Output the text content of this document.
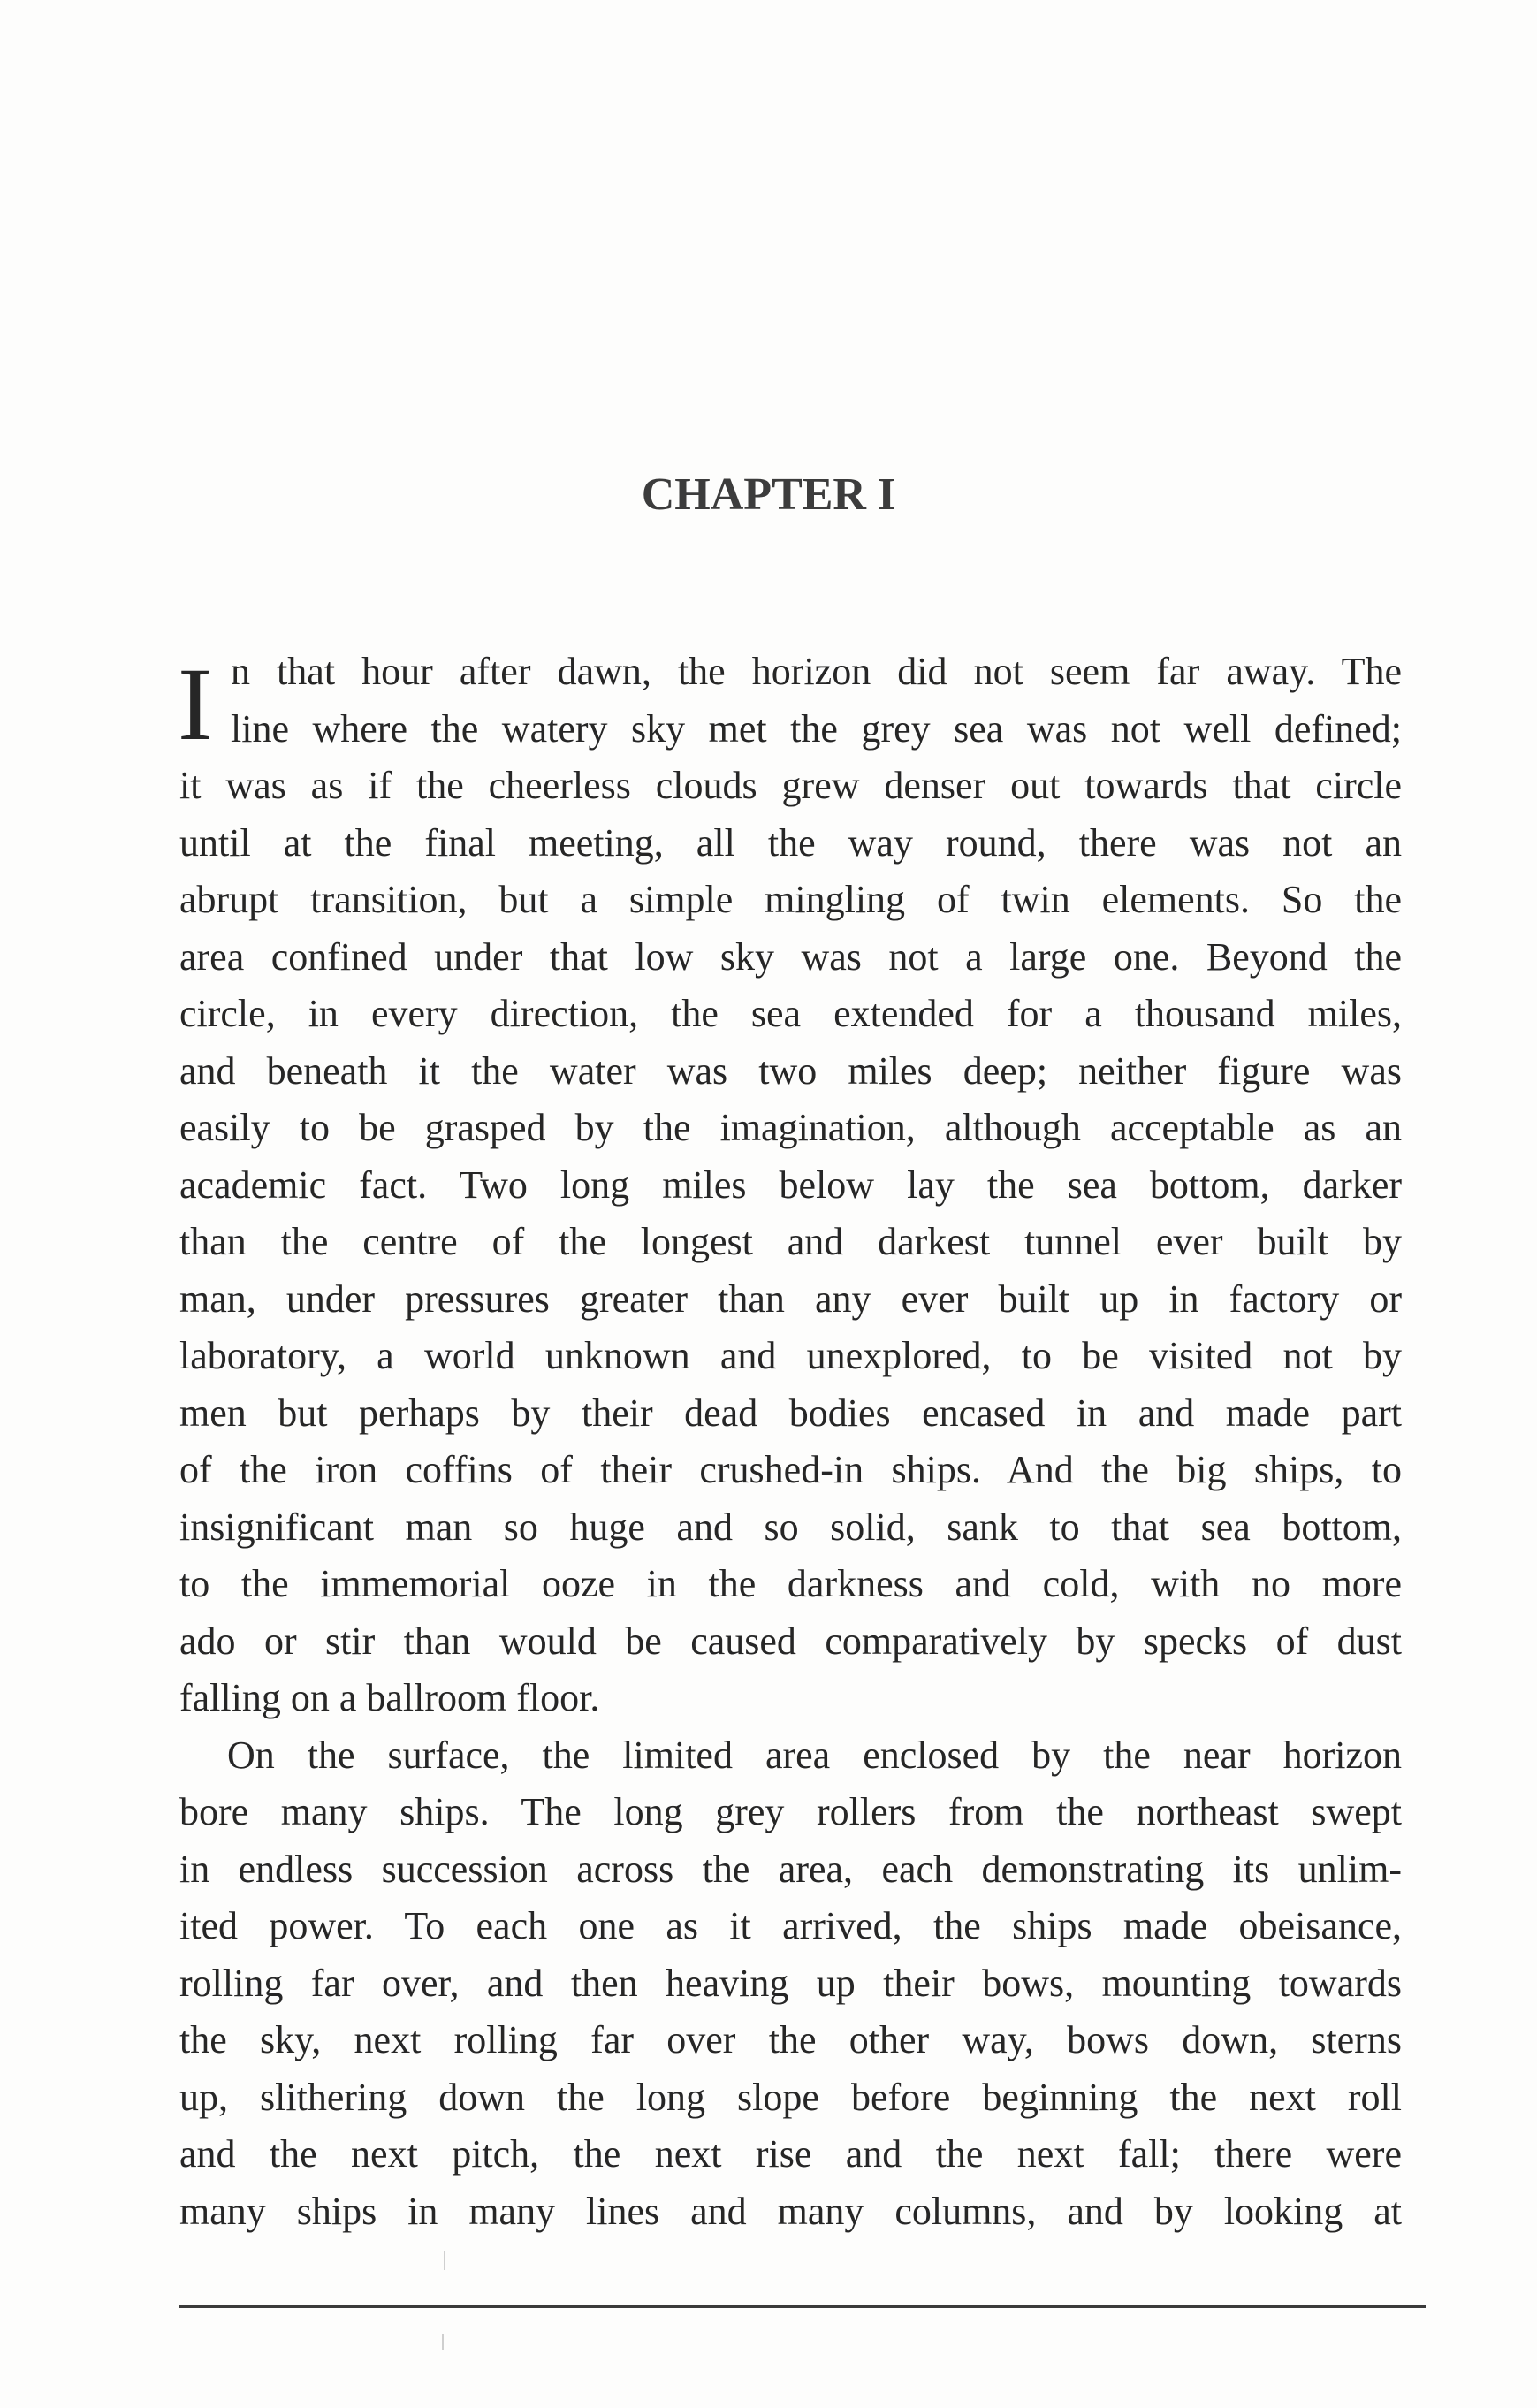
CHAPTER I
I n that hour after dawn, the horizon did not seem far away. The
line where the watery sky met the grey sea was not well defined;
it was as if the cheerless clouds grew denser out towards that circle
until at the final meeting, all the way round, there was not an
abrupt transition, but a simple mingling of twin elements. So the
area confined under that low sky was not a large one. Beyond the
circle, in every direction, the sea extended for a thousand miles,
and beneath it the water was two miles deep; neither figure was
easily to be grasped by the imagination, although acceptable as an
academic fact. Two long miles below lay the sea bottom, darker
than the centre of the longest and darkest tunnel ever built by
man, under pressures greater than any ever built up in factory or
laboratory, a world unknown and unexplored, to be visited not by
men but perhaps by their dead bodies encased in and made part
of the iron coffins of their crushed-in ships. And the big ships, to
insignificant man so huge and so solid, sank to that sea bottom,
to the immemorial ooze in the darkness and cold, with no more
ado or stir than would be caused comparatively by specks of dust
falling on a ballroom floor.
On the surface, the limited area enclosed by the near horizon
bore many ships. The long grey rollers from the northeast swept
in endless succession across the area, each demonstrating its unlim-
ited power. To each one as it arrived, the ships made obeisance,
rolling far over, and then heaving up their bows, mounting towards
the sky, next rolling far over the other way, bows down, sterns
up, slithering down the long slope before beginning the next roll
and the next pitch, the next rise and the next fall; there were
many ships in many lines and many columns, and by looking at
